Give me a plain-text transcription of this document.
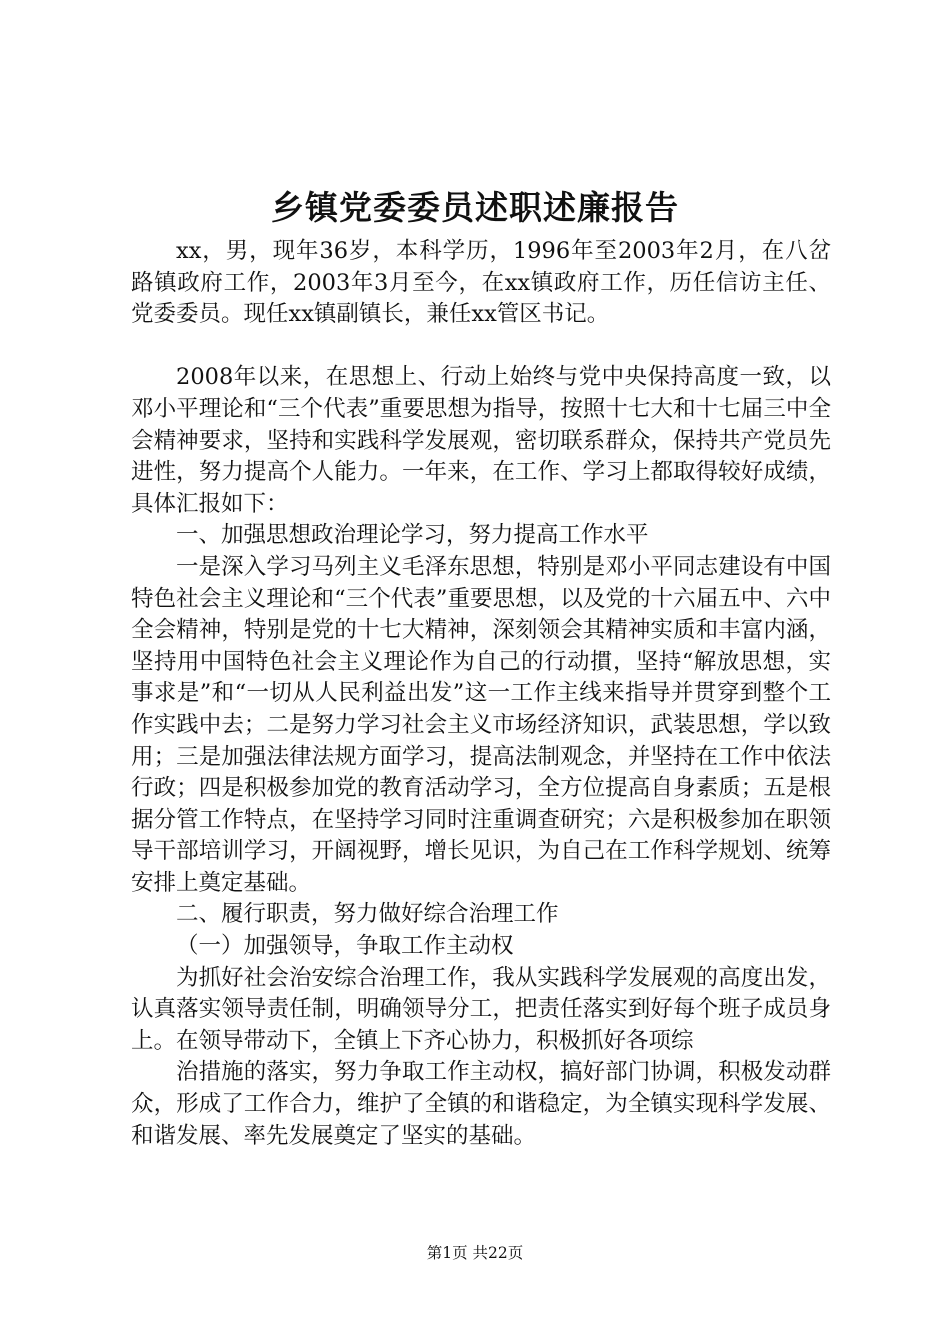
乡镇党委委员述职述廉报告

xx，男，现年36岁，本科学历，1996年至2003年2月，在八岔路镇政府工作，2003年3月至今，在xx镇政府工作，历任信访主任、党委委员。现任xx镇副镇长，兼任xx管区书记。

2008年以来，在思想上、行动上始终与党中央保持高度一致，以邓小平理论和“三个代表”重要思想为指导，按照十七大和十七届三中全会精神要求，坚持和实践科学发展观，密切联系群众，保持共产党员先进性，努力提高个人能力。一年来，在工作、学习上都取得较好成绩，具体汇报如下：

一、加强思想政治理论学习，努力提高工作水平

一是深入学习马列主义毛泽东思想，特别是邓小平同志建设有中国特色社会主义理论和“三个代表”重要思想，以及党的十六届五中、六中全会精神，特别是党的十七大精神，深刻领会其精神实质和丰富内涵，坚持用中国特色社会主义理论作为自己的行动摜，坚持“解放思想，实事求是”和“一切从人民利益出发”这一工作主线来指导并贯穿到整个工作实践中去；二是努力学习社会主义市场经济知识，武装思想，学以致用；三是加强法律法规方面学习，提高法制观念，并坚持在工作中依法行政；四是积极参加党的教育活动学习，全方位提高自身素质；五是根据分管工作特点，在坚持学习同时注重调查研究；六是积极参加在职领导干部培训学习，开阔视野，增长见识，为自己在工作科学规划、统筹安排上奠定基础。

二、履行职责，努力做好综合治理工作

（一）加强领导，争取工作主动权

为抓好社会治安综合治理工作，我从实践科学发展观的高度出发，认真落实领导责任制，明确领导分工，把责任落实到好每个班子成员身上。在领导带动下，全镇上下齐心协力，积极抓好各项综

治措施的落实，努力争取工作主动权，搞好部门协调，积极发动群众，形成了工作合力，维护了全镇的和谐稳定，为全镇实现科学发展、和谐发展、率先发展奠定了坚实的基础。

第1页 共22页
